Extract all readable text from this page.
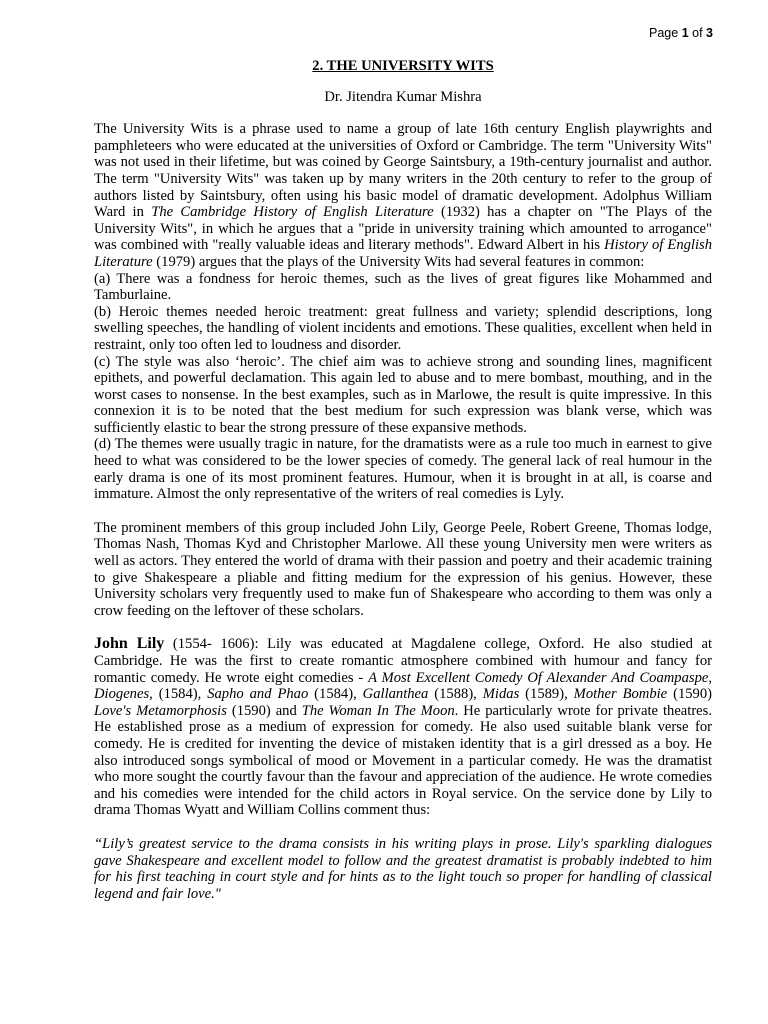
Page 1 of 3
2. THE UNIVERSITY WITS
Dr. Jitendra Kumar Mishra

The University Wits is a phrase used to name a group of late 16th century English playwrights and pamphleteers who were educated at the universities of Oxford or Cambridge. The term "University Wits" was not used in their lifetime, but was coined by George Saintsbury, a 19th-century journalist and author. The term "University Wits" was taken up by many writers in the 20th century to refer to the group of authors listed by Saintsbury, often using his basic model of dramatic development. Adolphus William Ward in The Cambridge History of English Literature (1932) has a chapter on "The Plays of the University Wits", in which he argues that a "pride in university training which amounted to arrogance" was combined with "really valuable ideas and literary methods". Edward Albert in his History of English Literature (1979) argues that the plays of the University Wits had several features in common:

(a) There was a fondness for heroic themes, such as the lives of great figures like Mohammed and Tamburlaine.

(b) Heroic themes needed heroic treatment: great fullness and variety; splendid descriptions, long swelling speeches, the handling of violent incidents and emotions. These qualities, excellent when held in restraint, only too often led to loudness and disorder.

(c) The style was also ‘heroic’. The chief aim was to achieve strong and sounding lines, magnificent epithets, and powerful declamation. This again led to abuse and to mere bombast, mouthing, and in the worst cases to nonsense. In the best examples, such as in Marlowe, the result is quite impressive. In this connexion it is to be noted that the best medium for such expression was blank verse, which was sufficiently elastic to bear the strong pressure of these expansive methods.

(d) The themes were usually tragic in nature, for the dramatists were as a rule too much in earnest to give heed to what was considered to be the lower species of comedy. The general lack of real humour in the early drama is one of its most prominent features. Humour, when it is brought in at all, is coarse and immature. Almost the only representative of the writers of real comedies is Lyly.

The prominent members of this group included John Lily, George Peele, Robert Greene, Thomas lodge, Thomas Nash, Thomas Kyd and Christopher Marlowe. All these young University men were writers as well as actors. They entered the world of drama with their passion and poetry and their academic training to give Shakespeare a pliable and fitting medium for the expression of his genius. However, these University scholars very frequently used to make fun of Shakespeare who according to them was only a crow feeding on the leftover of these scholars.

John Lily (1554- 1606): Lily was educated at Magdalene college, Oxford. He also studied at Cambridge. He was the first to create romantic atmosphere combined with humour and fancy for romantic comedy. He wrote eight comedies - A Most Excellent Comedy Of Alexander And Coampaspe, Diogenes, (1584), Sapho and Phao (1584), Gallanthea (1588), Midas (1589), Mother Bombie (1590) Love's Metamorphosis (1590) and The Woman In The Moon. He particularly wrote for private theatres. He established prose as a medium of expression for comedy. He also used suitable blank verse for comedy. He is credited for inventing the device of mistaken identity that is a girl dressed as a boy. He also introduced songs symbolical of mood or Movement in a particular comedy. He was the dramatist who more sought the courtly favour than the favour and appreciation of the audience. He wrote comedies and his comedies were intended for the child actors in Royal service. On the service done by Lily to drama Thomas Wyatt and William Collins comment thus:

“Lily’s greatest service to the drama consists in his writing plays in prose. Lily's sparkling dialogues gave Shakespeare and excellent model to follow and the greatest dramatist is probably indebted to him for his first teaching in court style and for hints as to the light touch so proper for handling of classical legend and fair love."
